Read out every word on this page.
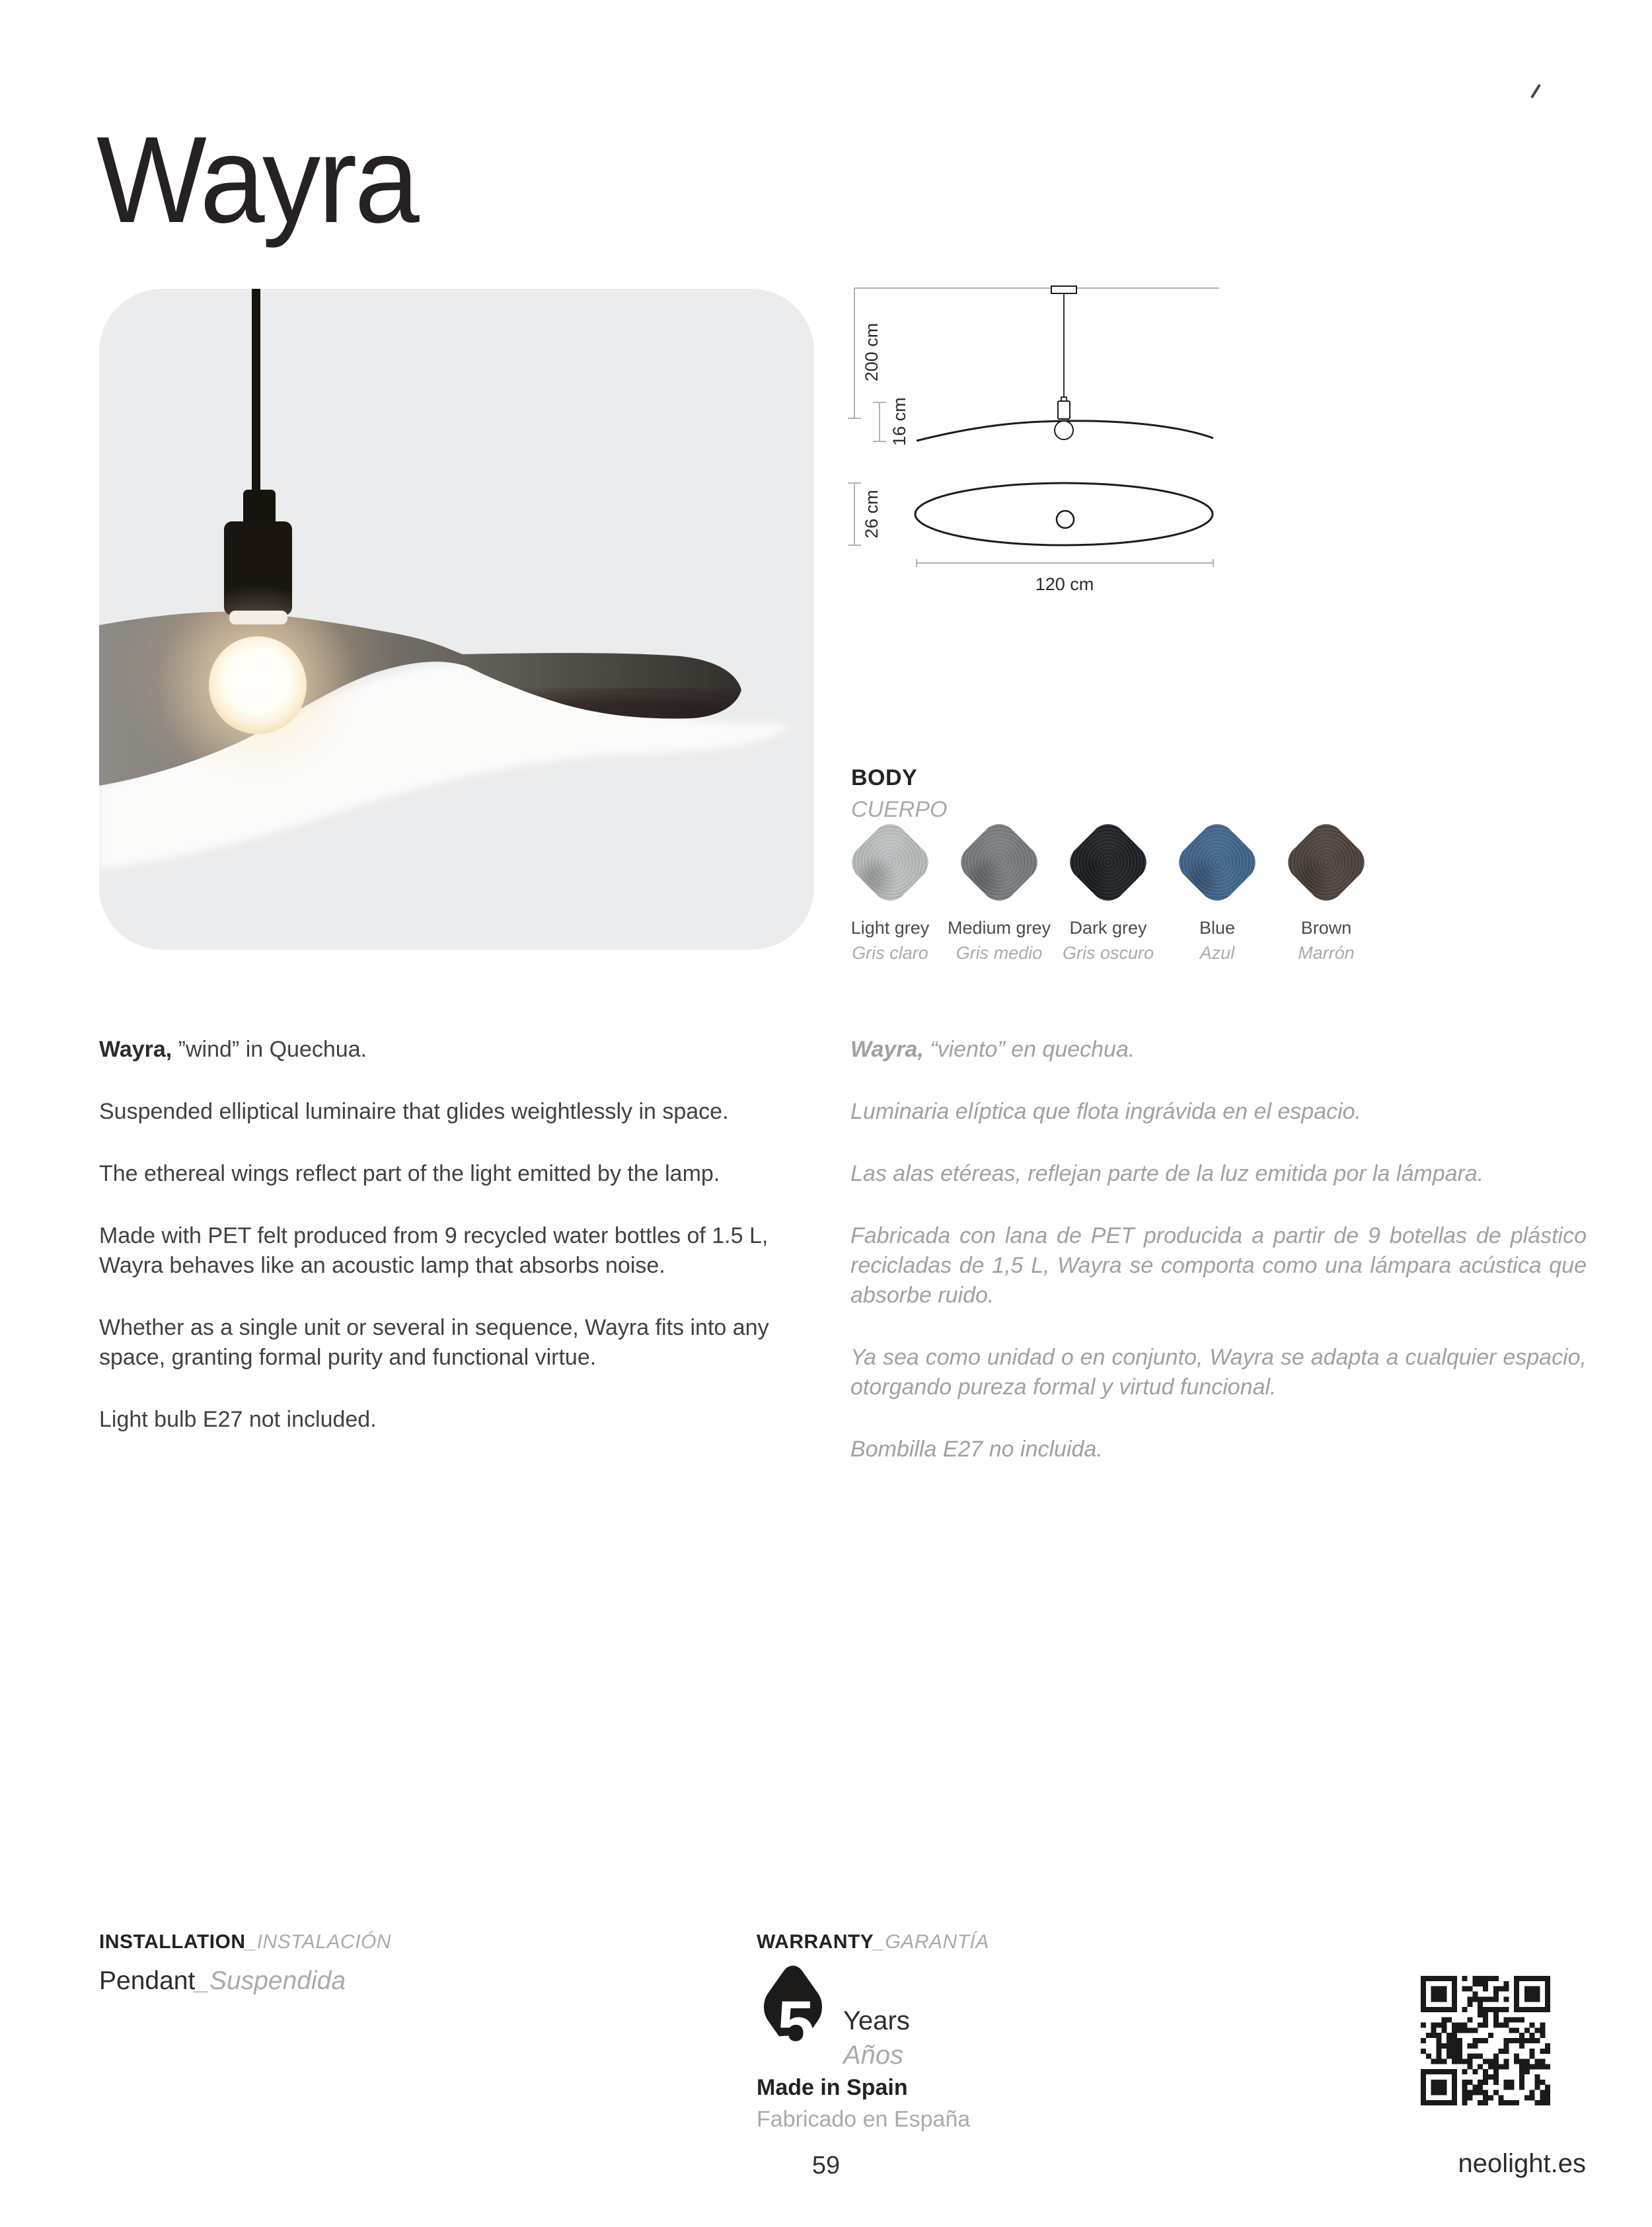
Wayra
200 cm
16 cm
26 cm
120 cm
BODY
CUERPO
Light grey
Gris claro
Medium grey
Gris medio
Dark grey
Gris oscuro
Blue
Azul
Brown
Marrón

Wayra, ”wind” in Quechua.

Suspended elliptical luminaire that glides weightlessly in space.

The ethereal wings reflect part of the light emitted by the lamp.

Made with PET felt produced from 9 recycled water bottles of 1.5 L, Wayra behaves like an acoustic lamp that absorbs noise.

Whether as a single unit or several in sequence, Wayra fits into any space, granting formal purity and functional virtue.

Light bulb E27 not included.

Wayra, “viento” en quechua.

Luminaria elíptica que flota ingrávida en el espacio.

Las alas etéreas, reflejan parte de la luz emitida por la lámpara.

Fabricada con lana de PET producida a partir de 9 botellas de plástico recicladas de 1,5 L, Wayra se comporta como una lámpara acústica que absorbe ruido.

Ya sea como unidad o en conjunto, Wayra se adapta a cualquier espacio, otorgando pureza formal y virtud funcional.

Bombilla E27 no incluida.

INSTALLATION_INSTALACIÓN
Pendant_Suspendida
WARRANTY_GARANTÍA
5	Years
Años
Made in Spain
Fabricado en España
59	neolight.es
